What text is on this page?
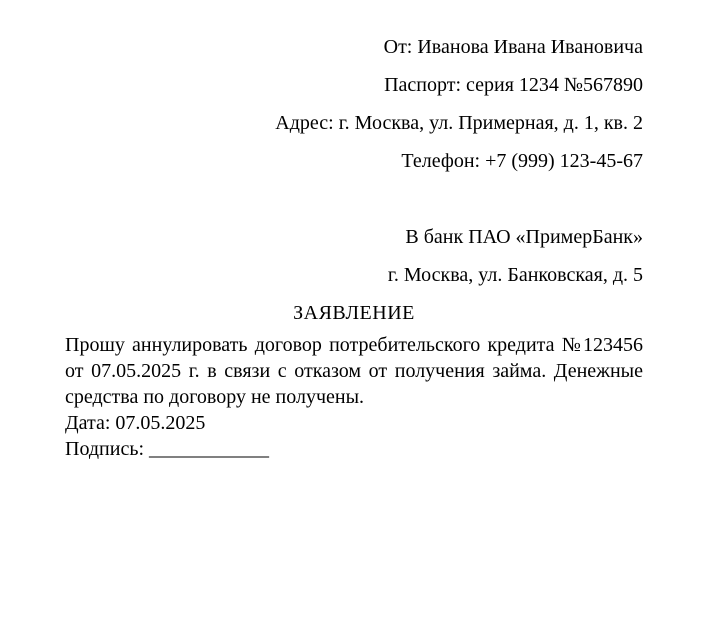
От: Иванова Ивана Ивановича

Паспорт: серия 1234 №567890

Адрес: г. Москва, ул. Примерная, д. 1, кв. 2

Телефон: +7 (999) 123-45-67

В банк ПАО «ПримерБанк»

г. Москва, ул. Банковская, д. 5

ЗАЯВЛЕНИЕ

Прошу аннулировать договор потребительского кредита №123456 от 07.05.2025 г. в связи с отказом от получения займа. Денежные средства по договору не получены.

Дата: 07.05.2025

Подпись: ____________
